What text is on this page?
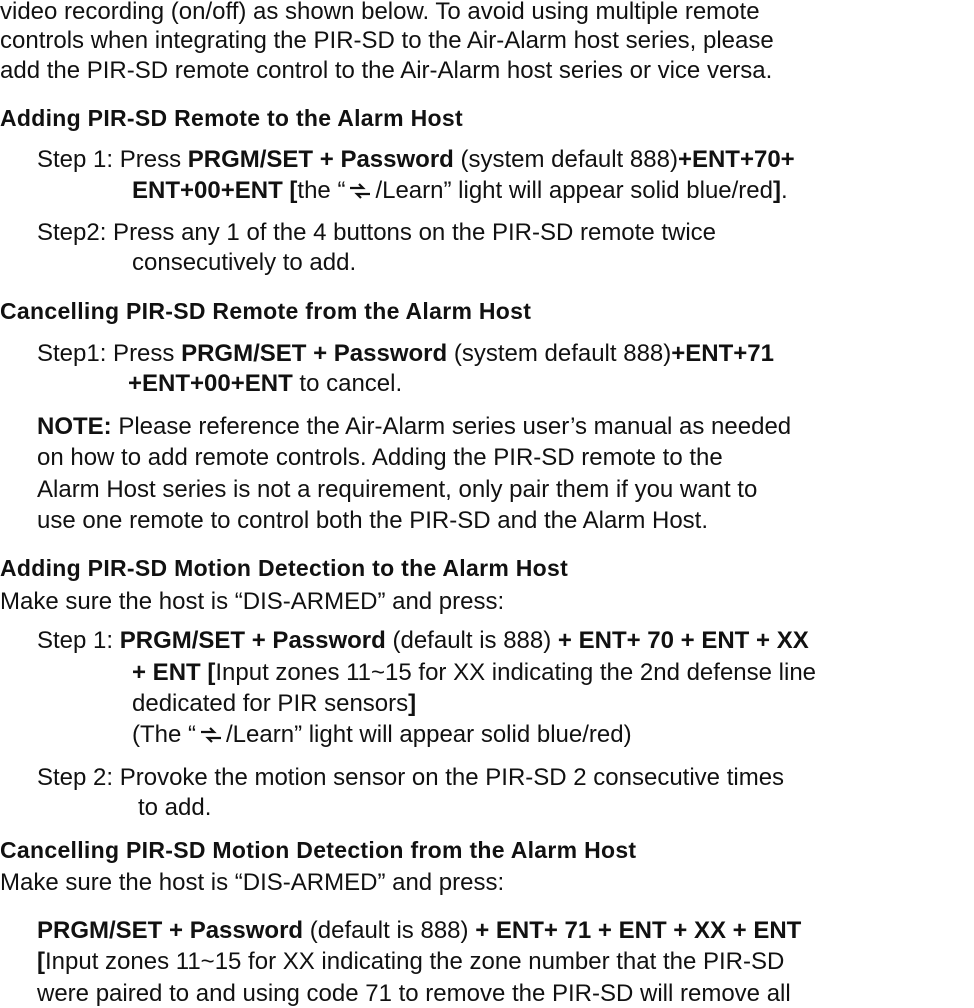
video recording (on/off) as shown below. To avoid using multiple remote
controls when integrating the PIR-SD to the Air-Alarm host series, please
add the PIR-SD remote control to the Air-Alarm host series or vice versa.
Adding PIR-SD Remote to the Alarm Host
Step 1: Press PRGM/SET + Password (system default 888)+ENT+70+
ENT+00+ENT [the “ /Learn” light will appear solid blue/red].
Step2: Press any 1 of the 4 buttons on the PIR-SD remote twice
consecutively to add.
Cancelling PIR-SD Remote from the Alarm Host
Step1: Press PRGM/SET + Password (system default 888)+ENT+71
+ENT+00+ENT to cancel.
NOTE: Please reference the Air-Alarm series user’s manual as needed
on how to add remote controls. Adding the PIR-SD remote to the
Alarm Host series is not a requirement, only pair them if you want to
use one remote to control both the PIR-SD and the Alarm Host.
Adding PIR-SD Motion Detection to the Alarm Host
Make sure the host is “DIS-ARMED” and press:
Step 1: PRGM/SET + Password (default is 888) + ENT+ 70 + ENT + XX
+ ENT [Input zones 11~15 for XX indicating the 2nd defense line
dedicated for PIR sensors]
(The “ /Learn” light will appear solid blue/red)
Step 2: Provoke the motion sensor on the PIR-SD 2 consecutive times
to add.
Cancelling PIR-SD Motion Detection from the Alarm Host
Make sure the host is “DIS-ARMED” and press:
PRGM/SET + Password (default is 888) + ENT+ 71 + ENT + XX + ENT
[Input zones 11~15 for XX indicating the zone number that the PIR-SD
were paired to and using code 71 to remove the PIR-SD will remove all
